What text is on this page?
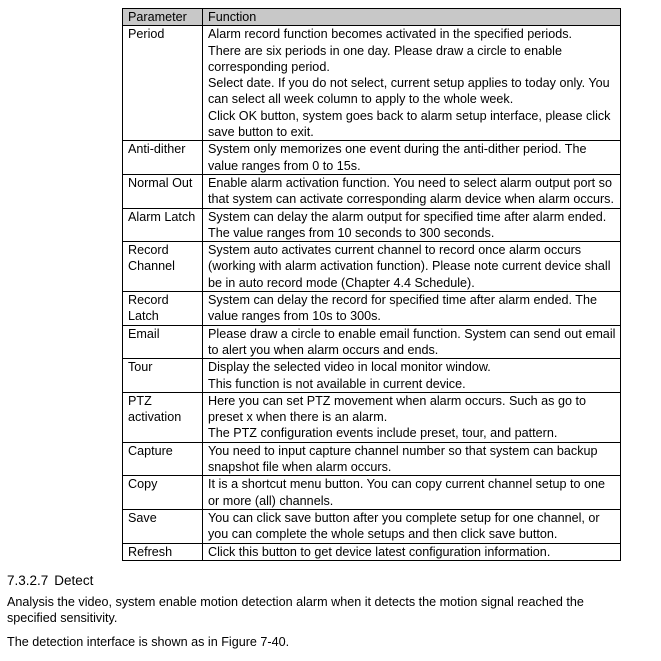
Parameter	Function

Period	Alarm record function becomes activated in the specified periods.
There are six periods in one day. Please draw a circle to enable corresponding period.
Select date. If you do not select, current setup applies to today only. You can select all week column to apply to the whole week.
Click OK button, system goes back to alarm setup interface, please click save button to exit.

Anti-dither	System only memorizes one event during the anti-dither period. The value ranges from 0 to 15s.

Normal Out	Enable alarm activation function. You need to select alarm output port so that system can activate corresponding alarm device when alarm occurs.

Alarm Latch	System can delay the alarm output for specified time after alarm ended. The value ranges from 10 seconds to 300 seconds.

Record Channel	System auto activates current channel to record once alarm occurs (working with alarm activation function). Please note current device shall be in auto record mode (Chapter 4.4 Schedule).

Record Latch	System can delay the record for specified time after alarm ended. The value ranges from 10s to 300s.

Email	Please draw a circle to enable email function. System can send out email to alert you when alarm occurs and ends.

Tour	Display the selected video in local monitor window.
This function is not available in current device.

PTZ activation	Here you can set PTZ movement when alarm occurs. Such as go to preset x when there is an alarm.
The PTZ configuration events include preset, tour, and pattern.

Capture	You need to input capture channel number so that system can backup snapshot file when alarm occurs.

Copy	It is a shortcut menu button. You can copy current channel setup to one or more (all) channels.

Save	You can click save button after you complete setup for one channel, or you can complete the whole setups and then click save button.

Refresh	Click this button to get device latest configuration information.
7.3.2.7 Detect

Analysis the video, system enable motion detection alarm when it detects the motion signal reached the specified sensitivity.

The detection interface is shown as in Figure 7-40.
